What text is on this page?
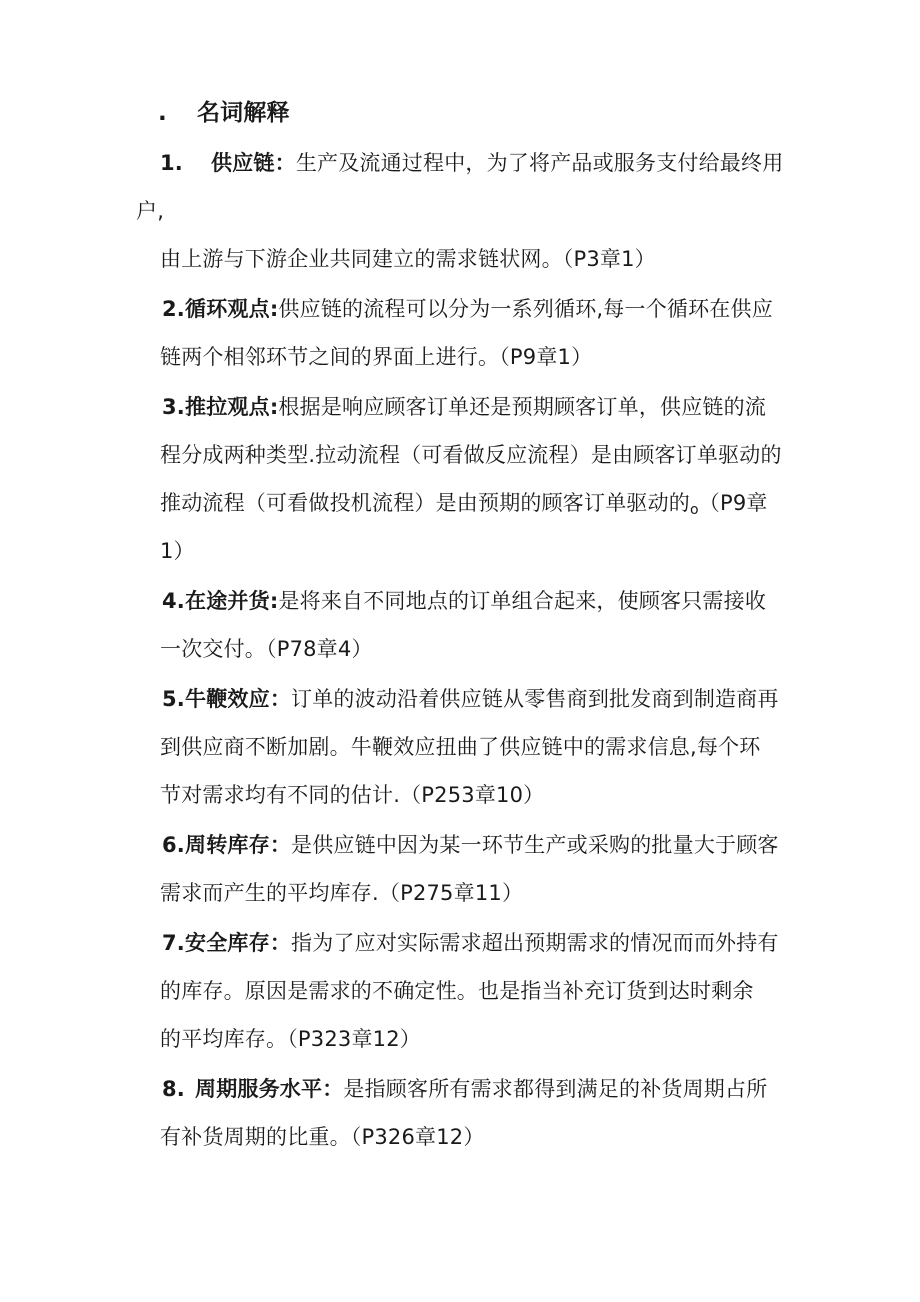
. 名词解释
1. 供应链：生产及流通过程中，为了将产品或服务支付给最终用
户,
由上游与下游企业共同建立的需求链状网。（P3章1）
2.循环观点:供应链的流程可以分为一系列循环,每一个循环在供应
链两个相邻环节之间的界面上进行。（P9章1）
3.推拉观点:根据是响应顾客订单还是预期顾客订单，供应链的流
程分成两种类型.拉动流程（可看做反应流程）是由顾客订单驱动的
推动流程（可看做投机流程）是由预期的顾客订单驱动的$_o$（P9章
1）
4.在途并货:是将来自不同地点的订单组合起来，使顾客只需接收
一次交付。（P78章4）
5.牛鞭效应：订单的波动沿着供应链从零售商到批发商到制造商再
到供应商不断加剧。牛鞭效应扭曲了供应链中的需求信息,每个环
节对需求均有不同的估计.（P253章10）
6.周转库存：是供应链中因为某一环节生产或采购的批量大于顾客
需求而产生的平均库存.（P275章11）
7.安全库存：指为了应对实际需求超出预期需求的情况而而外持有
的库存。原因是需求的不确定性。也是指当补充订货到达时剩余
的平均库存。（P323章12）
8. 周期服务水平：是指顾客所有需求都得到满足的补货周期占所
有补货周期的比重。（P326章12）
